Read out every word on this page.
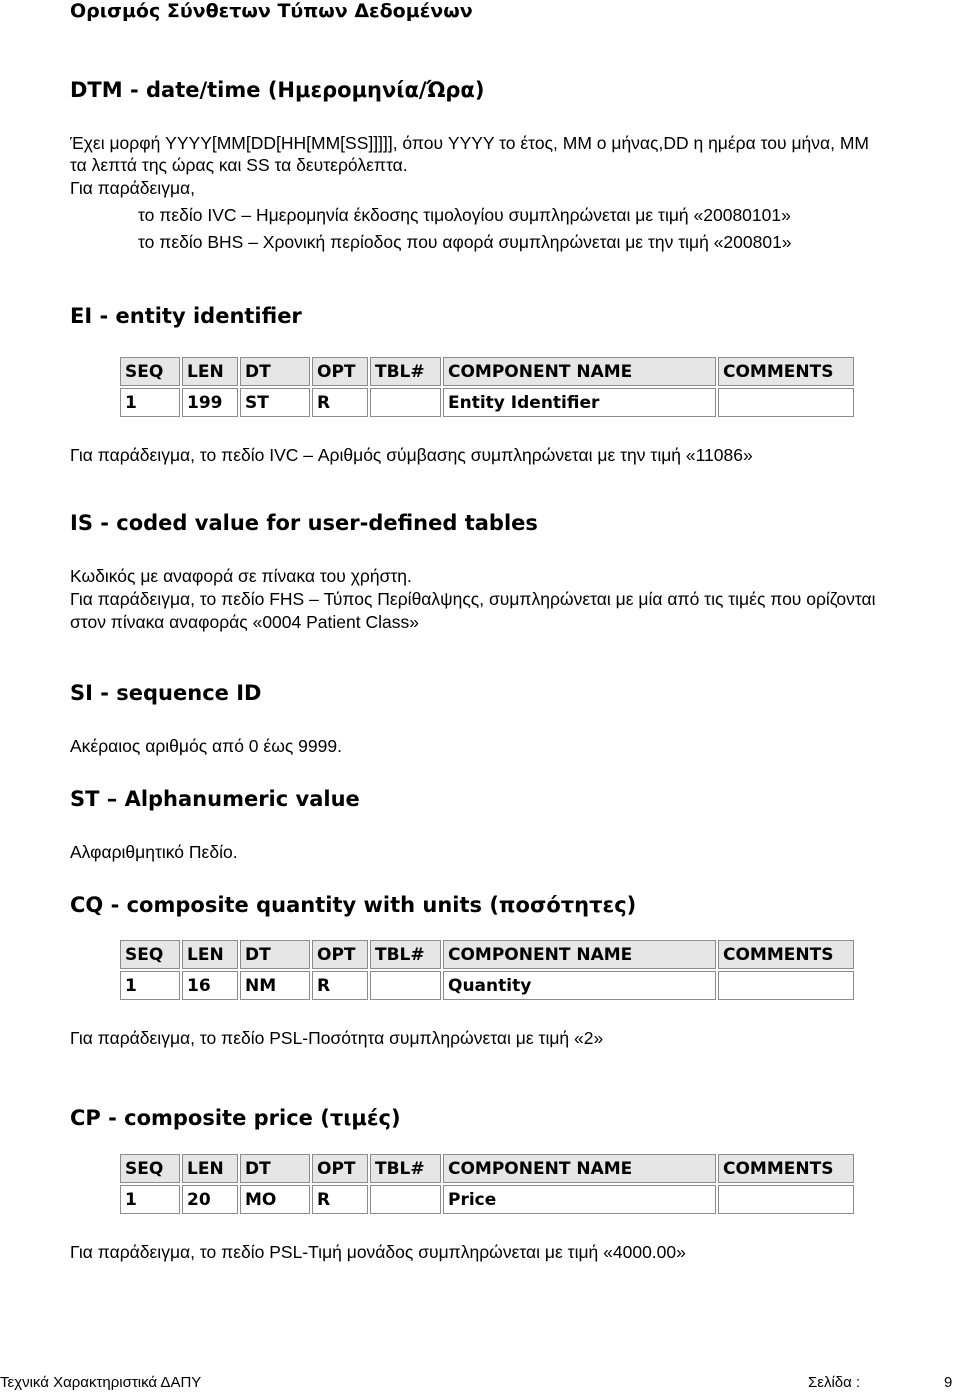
Ορισμός Σύνθετων Τύπων Δεδομένων
DTM - date/time (Ημερομηνία/Ώρα)
Έχει μορφή YYYY[MM[DD[HH[MM[SS]]]]], όπου YYYY το έτος, MM ο μήνας,DD η ημέρα του μήνα, MM
τα λεπτά της ώρας και SS τα δευτερόλεπτα.
Για παράδειγμα,
το πεδίο IVC – Ημερομηνία έκδοσης τιμολογίου συμπληρώνεται με τιμή «20080101»
το πεδίο BHS – Χρονική περίοδος που αφορά συμπληρώνεται με την τιμή «200801»
EI - entity identifier
SEQ	LEN	DT	OPT	TBL#	COMPONENT NAME	COMMENTS
1	199	ST	R		Entity Identifier	
Για παράδειγμα, το πεδίο IVC – Αριθμός σύμβασης συμπληρώνεται με την τιμή «11086»
IS - coded value for user-defined tables
Κωδικός με αναφορά σε πίνακα του χρήστη.
Για παράδειγμα, το πεδίο FHS – Τύπος Περίθαλψηςς, συμπληρώνεται με μία από τις τιμές που ορίζονται
στον πίνακα αναφοράς «0004 Patient Class»
SI - sequence ID
Ακέραιος αριθμός από 0 έως 9999.
ST – Alphanumeric value
Αλφαριθμητικό Πεδίο.
CQ - composite quantity with units (ποσότητες)
SEQ	LEN	DT	OPT	TBL#	COMPONENT NAME	COMMENTS
1	16	NM	R		Quantity	
Για παράδειγμα, το πεδίο PSL-Ποσότητα συμπληρώνεται με τιμή «2»
CP - composite price (τιμές)
SEQ	LEN	DT	OPT	TBL#	COMPONENT NAME	COMMENTS
1	20	MO	R		Price	
Για παράδειγμα, το πεδίο PSL-Τιμή μονάδος συμπληρώνεται με τιμή «4000.00»
Τεχνικά Χαρακτηριστικά ΔΑΠΥ	Σελίδα :	9
